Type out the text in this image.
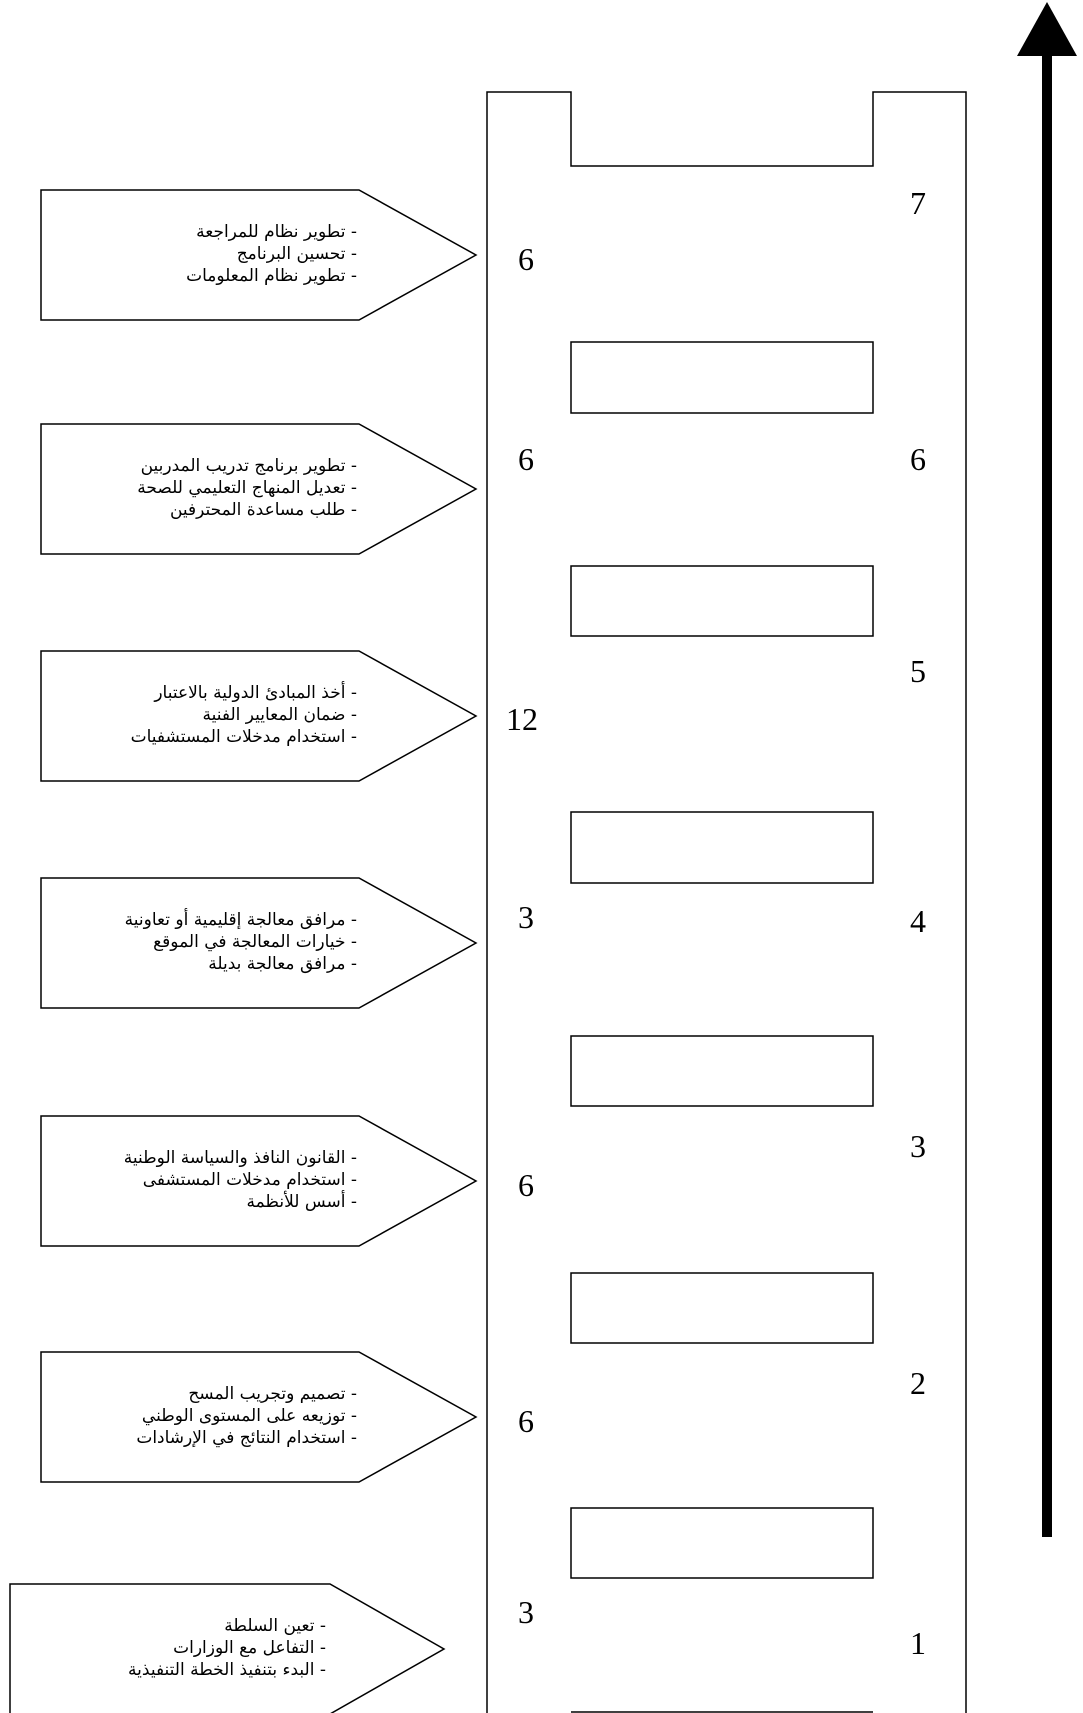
- تطوير نظام للمراجعة
- تحسين البرنامج
- تطوير نظام المعلومات
- تطوير برنامج تدريب المدربين
- تعديل المنهاج التعليمي للصحة
- طلب مساعدة المحترفين
- أخذ المبادئ الدولية بالاعتبار
- ضمان المعايير الفنية
- استخدام مدخلات المستشفيات
- مرافق معالجة إقليمية أو تعاونية
- خيارات المعالجة في الموقع
- مرافق معالجة بديلة
- القانون النافذ والسياسة الوطنية
- استخدام مدخلات المستشفى
- أسس للأنظمة
- تصميم وتجريب المسح
- توزيعه على المستوى الوطني
- استخدام النتائج في الإرشادات
- تعين السلطة
- التفاعل مع الوزارات
- البدء بتنفيذ الخطة التنفيذية
6
6
12
3
6
6
3
7
6
5
4
3
2
1
